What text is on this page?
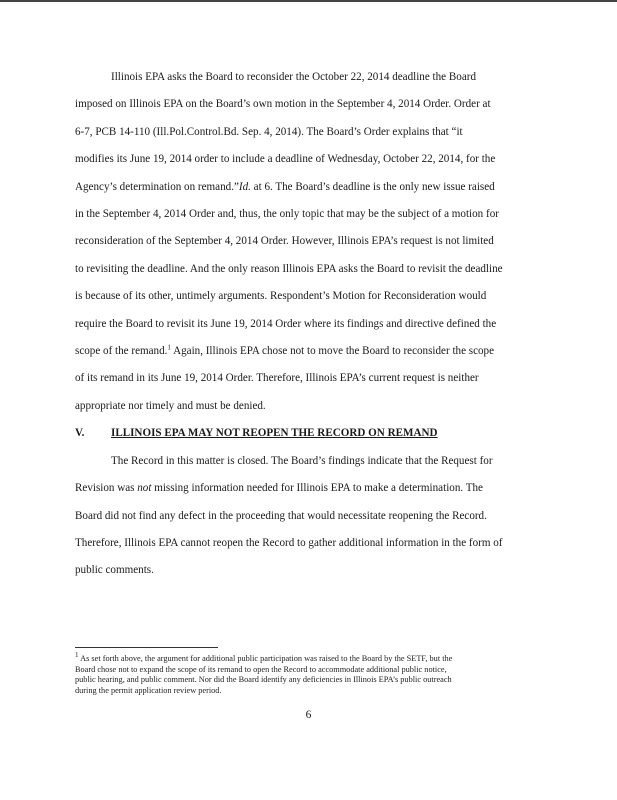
Illinois EPA asks the Board to reconsider the October 22, 2014 deadline the Board
imposed on Illinois EPA on the Board’s own motion in the September 4, 2014 Order. Order at
6-7, PCB 14-110 (Ill.Pol.Control.Bd. Sep. 4, 2014). The Board’s Order explains that “it
modifies its June 19, 2014 order to include a deadline of Wednesday, October 22, 2014, for the
Agency’s determination on remand.”Id. at 6. The Board’s deadline is the only new issue raised
in the September 4, 2014 Order and, thus, the only topic that may be the subject of a motion for
reconsideration of the September 4, 2014 Order. However, Illinois EPA’s request is not limited
to revisiting the deadline. And the only reason Illinois EPA asks the Board to revisit the deadline
is because of its other, untimely arguments. Respondent’s Motion for Reconsideration would
require the Board to revisit its June 19, 2014 Order where its findings and directive defined the
scope of the remand.$^1$ Again, Illinois EPA chose not to move the Board to reconsider the scope
of its remand in its June 19, 2014 Order. Therefore, Illinois EPA’s current request is neither
appropriate nor timely and must be denied.

V. ILLINOIS EPA MAY NOT REOPEN THE RECORD ON REMAND

The Record in this matter is closed. The Board’s findings indicate that the Request for
Revision was not missing information needed for Illinois EPA to make a determination. The
Board did not find any defect in the proceeding that would necessitate reopening the Record.
Therefore, Illinois EPA cannot reopen the Record to gather additional information in the form of
public comments.

$^1$ As set forth above, the argument for additional public participation was raised to the Board by the SETF, but the
Board chose not to expand the scope of its remand to open the Record to accommodate additional public notice,
public hearing, and public comment. Nor did the Board identify any deficiencies in Illinois EPA’s public outreach
during the permit application review period.
6
